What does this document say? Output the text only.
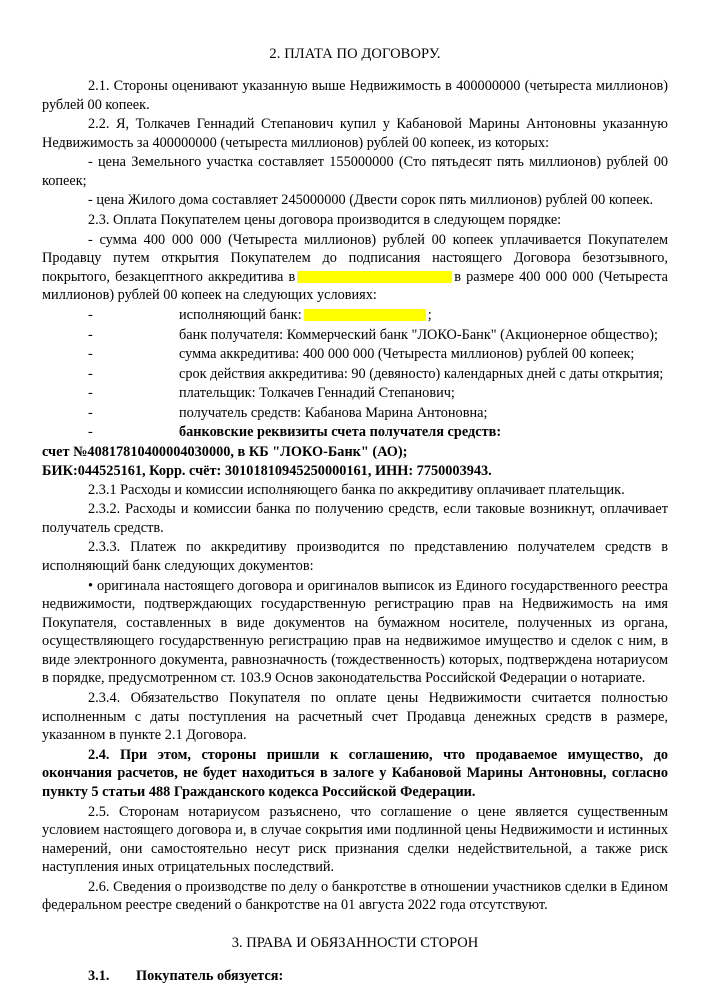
2. ПЛАТА ПО ДОГОВОРУ.

2.1. Стороны оценивают указанную выше Недвижимость в 400000000 (четыреста миллионов) рублей 00 копеек.

2.2. Я, Толкачев Геннадий Степанович купил у Кабановой Марины Антоновны указанную Недвижимость за 400000000 (четыреста миллионов) рублей 00 копеек, из которых:

- цена Земельного участка составляет 155000000 (Сто пятьдесят пять миллионов) рублей 00 копеек;

- цена Жилого дома составляет 245000000 (Двести сорок пять миллионов) рублей 00 копеек.

2.3. Оплата Покупателем цены договора производится в следующем порядке:

- сумма 400 000 000 (Четыреста миллионов) рублей 00 копеек уплачивается Покупателем Продавцу путем открытия Покупателем до подписания настоящего Договора безотзывного, покрытого, безакцептного аккредитива в	в размере 400 000 000 (Четыреста миллионов) рублей 00 копеек на следующих условиях:

-	исполняющий банк:	;
-	банк получателя: Коммерческий банк "ЛОКО-Банк" (Акционерное общество);
-	сумма аккредитива: 400 000 000 (Четыреста миллионов) рублей 00 копеек;
-	срок действия аккредитива: 90 (девяносто) календарных дней с даты открытия;
-	плательщик: Толкачев Геннадий Степанович;
-	получатель средств: Кабанова Марина Антоновна;
-	банковские реквизиты счета получателя средств:

счет №40817810400004030000, в КБ "ЛОКО-Банк" (АО);

БИК:044525161, Корр. счёт: 30101810945250000161, ИНН: 7750003943.

2.3.1 Расходы и комиссии исполняющего банка по аккредитиву оплачивает плательщик.

2.3.2. Расходы и комиссии банка по получению средств, если таковые возникнут, оплачивает получатель средств.

2.3.3. Платеж по аккредитиву производится по представлению получателем средств в исполняющий банк следующих документов:

• оригинала настоящего договора и оригиналов выписок из Единого государственного реестра недвижимости, подтверждающих государственную регистрацию прав на Недвижимость на имя Покупателя, составленных в виде документов на бумажном носителе, полученных из органа, осуществляющего государственную регистрацию прав на недвижимое имущество и сделок с ним, в виде электронного документа, равнозначность (тождественность) которых, подтверждена нотариусом в порядке, предусмотренном ст. 103.9 Основ законодательства Российской Федерации о нотариате.

2.3.4. Обязательство Покупателя по оплате цены Недвижимости считается полностью исполненным с даты поступления на расчетный счет Продавца денежных средств в размере, указанном в пункте 2.1 Договора.

2.4. При этом, стороны пришли к соглашению, что продаваемое имущество, до окончания расчетов, не будет находиться в залоге у Кабановой Марины Антоновны, согласно пункту 5 статьи 488 Гражданского кодекса Российской Федерации.

2.5. Сторонам нотариусом разъяснено, что соглашение о цене является существенным условием настоящего договора и, в случае сокрытия ими подлинной цены Недвижимости и истинных намерений, они самостоятельно несут риск признания сделки недействительной, а также риск наступления иных отрицательных последствий.

2.6. Сведения о производстве по делу о банкротстве в отношении участников сделки в Едином федеральном реестре сведений о банкротстве на 01 августа 2022 года отсутствуют.

3. ПРАВА И ОБЯЗАННОСТИ СТОРОН

3.1. Покупатель обязуется:
